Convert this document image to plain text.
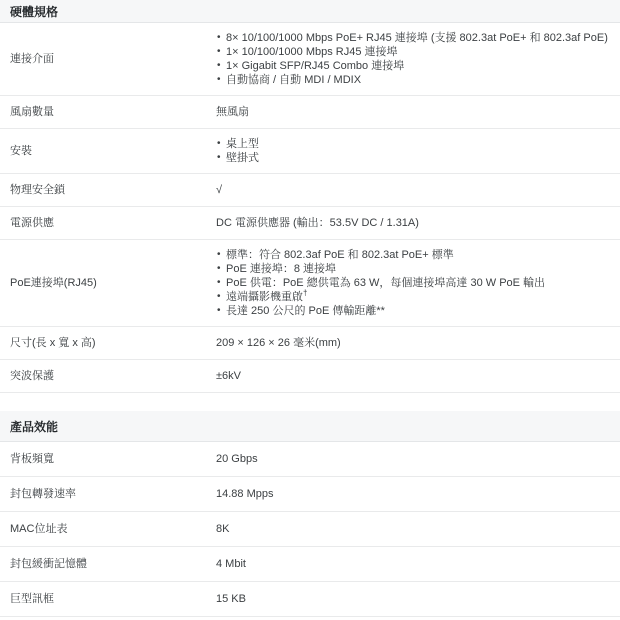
硬體規格
連接介面
• 8× 10/100/1000 Mbps PoE+ RJ45 連接埠 (支援 802.3at PoE+ 和 802.3af PoE)
• 1× 10/100/1000 Mbps RJ45 連接埠
• 1× Gigabit SFP/RJ45 Combo 連接埠
• 自動協商 / 自動 MDI / MDIX
風扇數量	無風扇
安裝
• 桌上型
• 壁掛式
物理安全鎖	√
電源供應	DC 電源供應器 (輸出：53.5V DC / 1.31A)
PoE連接埠(RJ45)
• 標準：符合 802.3af PoE 和 802.3at PoE+ 標準
• PoE 連接埠：8 連接埠
• PoE 供電：PoE 總供電為 63 W，每個連接埠高達 30 W PoE 輸出
• 遠端攝影機重啟†
• 長達 250 公尺的 PoE 傳輸距離**
尺寸(長 x 寬 x 高)	209 × 126 × 26 毫米(mm)
突波保護	±6kV
產品效能
背板頻寬	20 Gbps
封包轉發速率	14.88 Mpps
MAC位址表	8K
封包緩衝記憶體	4 Mbit
巨型訊框	15 KB
